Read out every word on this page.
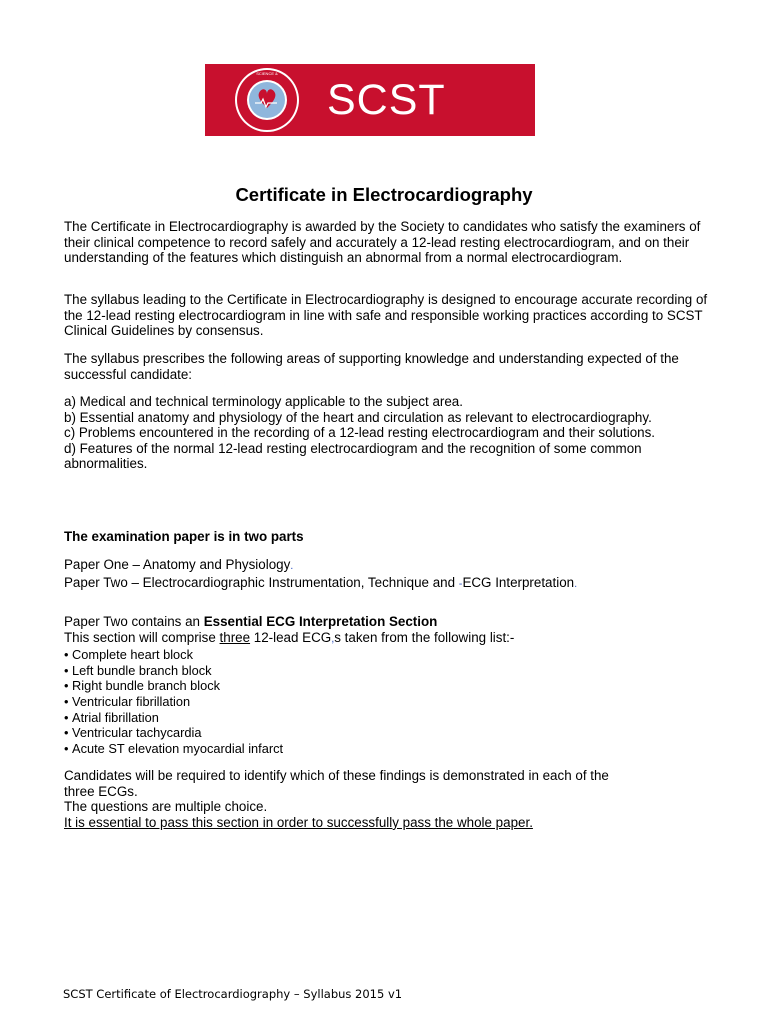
SCIENCE &
SCST
Certificate in Electrocardiography

The Certificate in Electrocardiography is awarded by the Society to candidates who satisfy the examiners of their clinical competence to record safely and accurately a 12-lead resting electrocardiogram, and on their understanding of the features which distinguish an abnormal from a normal electrocardiogram.

The syllabus leading to the Certificate in Electrocardiography is designed to encourage accurate recording of the 12-lead resting electrocardiogram in line with safe and responsible working practices according to SCST Clinical Guidelines by consensus.

The syllabus prescribes the following areas of supporting knowledge and understanding expected of the successful candidate:

a) Medical and technical terminology applicable to the subject area.

b) Essential anatomy and physiology of the heart and circulation as relevant to electrocardiography.

c) Problems encountered in the recording of a 12-lead resting electrocardiogram and their solutions.

d) Features of the normal 12-lead resting electrocardiogram and the recognition of some common abnormalities.

The examination paper is in two parts

Paper One – Anatomy and Physiology.

Paper Two – Electrocardiographic Instrumentation, Technique and -ECG Interpretation.

Paper Two contains an Essential ECG Interpretation Section

This section will comprise three 12-lead ECG,s taken from the following list:-

• Complete heart block
• Left bundle branch block
• Right bundle branch block
• Ventricular fibrillation
• Atrial fibrillation
• Ventricular tachycardia
• Acute ST elevation myocardial infarct

Candidates will be required to identify which of these findings is demonstrated in each of the three ECGs.

The questions are multiple choice.

It is essential to pass this section in order to successfully pass the whole paper.

SCST Certificate of Electrocardiography – Syllabus 2015 v1
